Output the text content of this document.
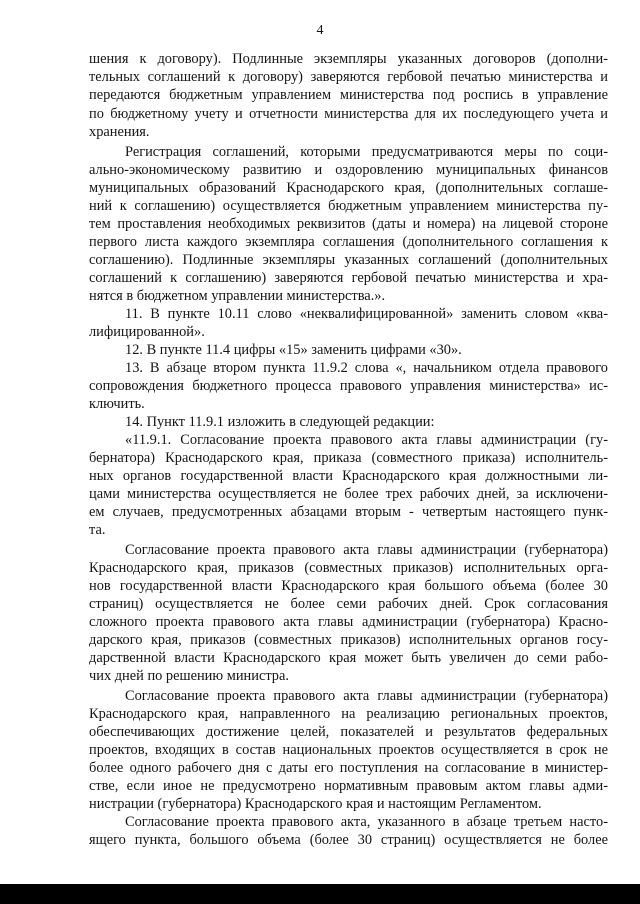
4
шения к договору). Подлинные экземпляры указанных договоров (дополни-
тельных соглашений к договору) заверяются гербовой печатью министерства и
передаются бюджетным управлением министерства под роспись в управление
по бюджетному учету и отчетности министерства для их последующего учета и
хранения.
Регистрация соглашений, которыми предусматриваются меры по соци-
ально-экономическому развитию и оздоровлению муниципальных финансов
муниципальных образований Краснодарского края, (дополнительных соглаше-
ний к соглашению) осуществляется бюджетным управлением министерства пу-
тем проставления необходимых реквизитов (даты и номера) на лицевой стороне
первого листа каждого экземпляра соглашения (дополнительного соглашения к
соглашению). Подлинные экземпляры указанных соглашений (дополнительных
соглашений к соглашению) заверяются гербовой печатью министерства и хра-
нятся в бюджетном управлении министерства.».
11. В пункте 10.11 слово «неквалифицированной» заменить словом «ква-
лифицированной».
12. В пункте 11.4 цифры «15» заменить цифрами «30».
13. В абзаце втором пункта 11.9.2 слова «, начальником отдела правового
сопровождения бюджетного процесса правового управления министерства» ис-
ключить.
14. Пункт 11.9.1 изложить в следующей редакции:
«11.9.1. Согласование проекта правового акта главы администрации (гу-
бернатора) Краснодарского края, приказа (совместного приказа) исполнитель-
ных органов государственной власти Краснодарского края должностными ли-
цами министерства осуществляется не более трех рабочих дней, за исключени-
ем случаев, предусмотренных абзацами вторым - четвертым настоящего пунк-
та.
Согласование проекта правового акта главы администрации (губернатора)
Краснодарского края, приказов (совместных приказов) исполнительных орга-
нов государственной власти Краснодарского края большого объема (более 30
страниц) осуществляется не более семи рабочих дней. Срок согласования
сложного проекта правового акта главы администрации (губернатора) Красно-
дарского края, приказов (совместных приказов) исполнительных органов госу-
дарственной власти Краснодарского края может быть увеличен до семи рабо-
чих дней по решению министра.
Согласование проекта правового акта главы администрации (губернатора)
Краснодарского края, направленного на реализацию региональных проектов,
обеспечивающих достижение целей, показателей и результатов федеральных
проектов, входящих в состав национальных проектов осуществляется в срок не
более одного рабочего дня с даты его поступления на согласование в министер-
стве, если иное не предусмотрено нормативным правовым актом главы адми-
нистрации (губернатора) Краснодарского края и настоящим Регламентом.
Согласование проекта правового акта, указанного в абзаце третьем насто-
ящего пункта, большого объема (более 30 страниц) осуществляется не более
